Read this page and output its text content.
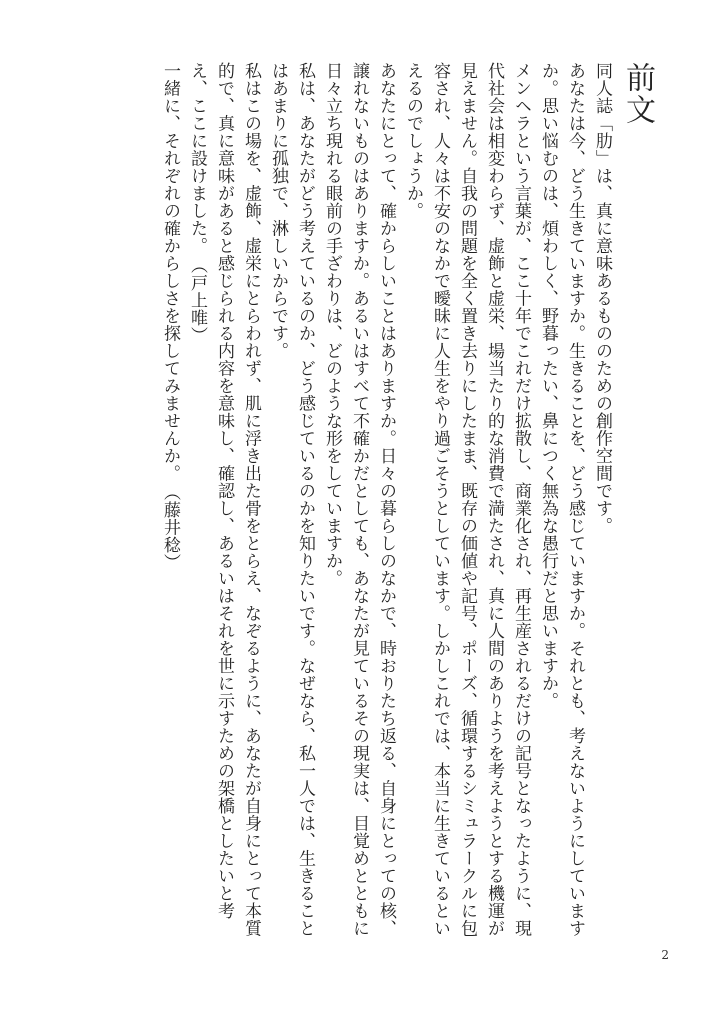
前文

同人誌「肋」は、真に意味あるもののための創作空間です。

あなたは今、どう生きていますか。生きることを、どう感じていますか。それとも、考えないようにしていますか。思い悩むのは、煩わしく、野暮ったい、鼻につく無為な愚行だと思いますか。

メンヘラという言葉が、ここ十年でこれだけ拡散し、商業化され、再生産されるだけの記号となったように、現代社会は相変わらず、虚飾と虚栄、場当たり的な消費で満たされ、真に人間のありようを考えようとする機運が見えません。自我の問題を全く置き去りにしたまま、既存の価値や記号、ポーズ、循環するシミュラークルに包容され、人々は不安のなかで曖昧に人生をやり過ごそうとしています。しかしこれでは、本当に生きているといえるのでしょうか。

あなたにとって、確からしいことはありますか。日々の暮らしのなかで、時おりたち返る、自身にとっての核、譲れないものはありますか。あるいはすべて不確かだとしても、あなたが見ているその現実は、目覚めとともに日々立ち現れる眼前の手ざわりは、どのような形をしていますか。

私は、あなたがどう考えているのか、どう感じているのかを知りたいです。なぜなら、私一人では、生きることはあまりに孤独で、淋しいからです。

私はこの場を、虚飾、虚栄にとらわれず、肌に浮き出た骨をとらえ、なぞるように、あなたが自身にとって本質的で、真に意味があると感じられる内容を意味し、確認し、あるいはそれを世に示すための架橋としたいと考え、ここに設けました。（戸上唯）

一緒に、それぞれの確からしさを探してみませんか。（藤井稔）

2
